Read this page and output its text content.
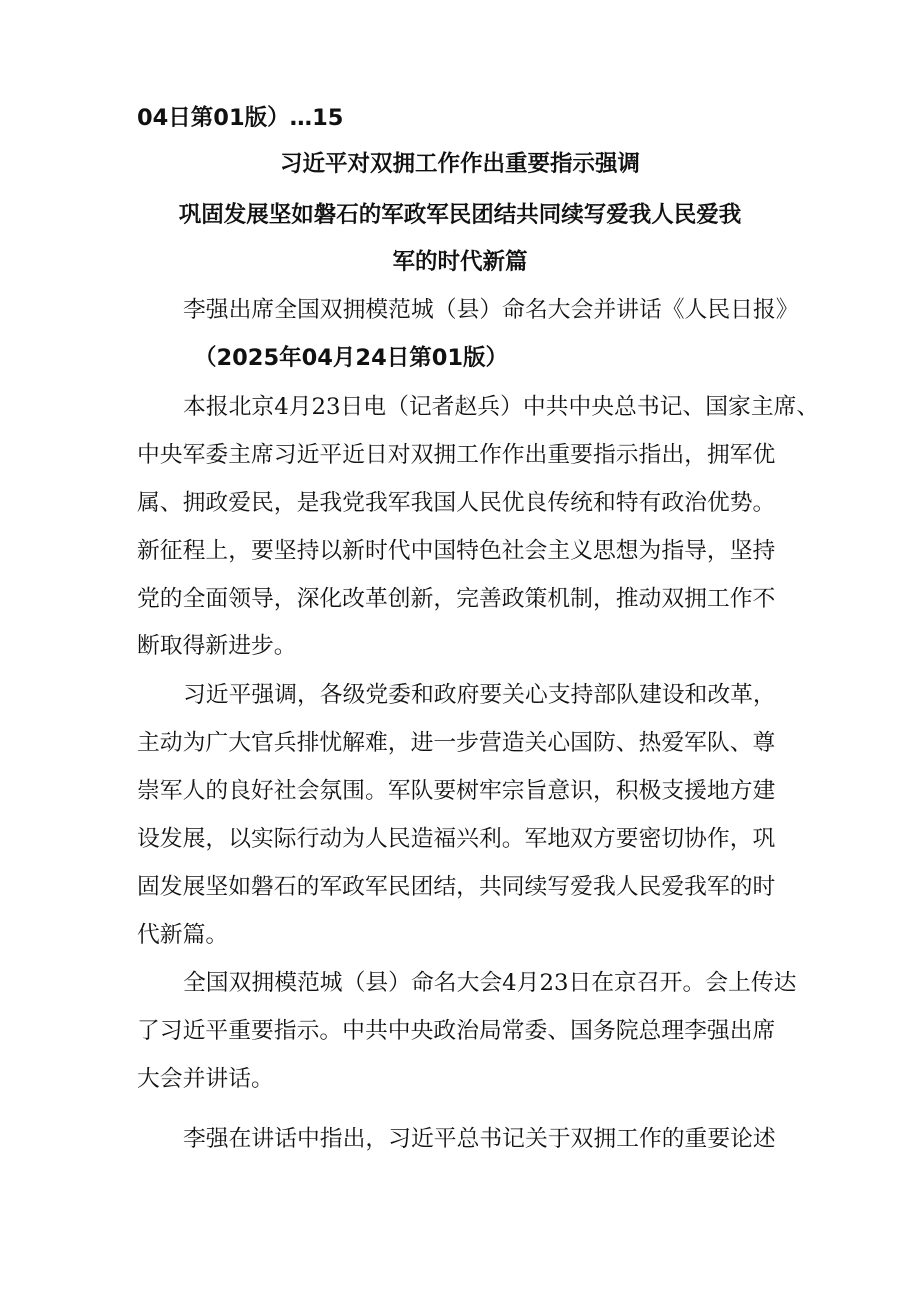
04日第01版）…15
习近平对双拥工作作出重要指示强调
巩固发展坚如磐石的军政军民团结共同续写爱我人民爱我
军的时代新篇
李强出席全国双拥模范城（县）命名大会并讲话《人民日报》
（2025年04月24日第01版）
本报北京4月23日电（记者赵兵）中共中央总书记、国家主席、
中央军委主席习近平近日对双拥工作作出重要指示指出，拥军优
属、拥政爱民，是我党我军我国人民优良传统和特有政治优势。
新征程上，要坚持以新时代中国特色社会主义思想为指导，坚持
党的全面领导，深化改革创新，完善政策机制，推动双拥工作不
断取得新进步。
习近平强调，各级党委和政府要关心支持部队建设和改革，
主动为广大官兵排忧解难，进一步营造关心国防、热爱军队、尊
崇军人的良好社会氛围。军队要树牢宗旨意识，积极支援地方建
设发展，以实际行动为人民造福兴利。军地双方要密切协作，巩
固发展坚如磐石的军政军民团结，共同续写爱我人民爱我军的时
代新篇。
全国双拥模范城（县）命名大会4月23日在京召开。会上传达
了习近平重要指示。中共中央政治局常委、国务院总理李强出席
大会并讲话。
李强在讲话中指出，习近平总书记关于双拥工作的重要论述
